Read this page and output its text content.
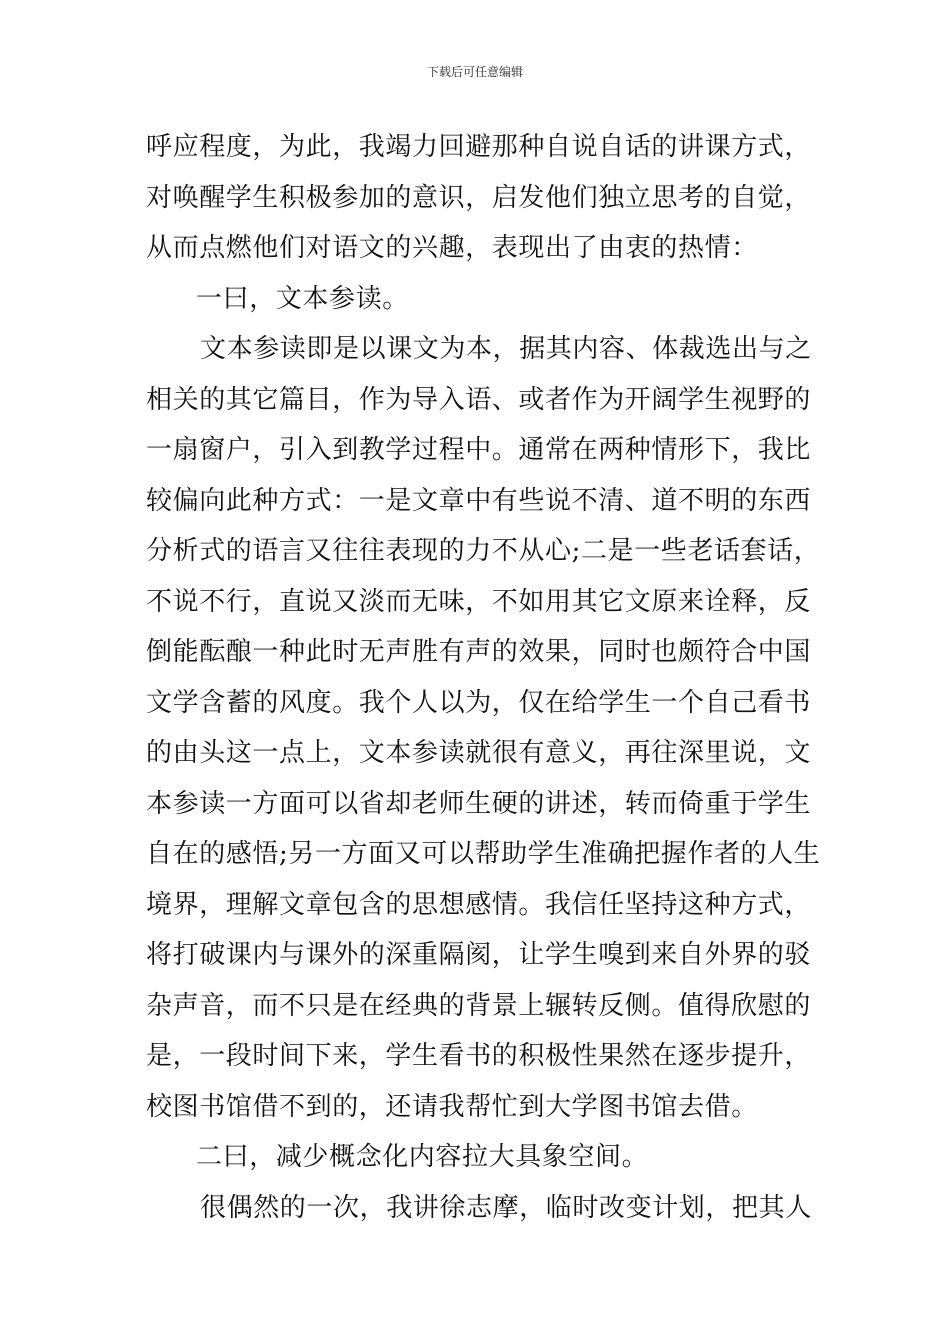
下载后可任意编辑
呼应程度，为此，我竭力回避那种自说自话的讲课方式，
对唤醒学生积极参加的意识，启发他们独立思考的自觉，
从而点燃他们对语文的兴趣，表现出了由衷的热情：
一曰，文本参读。
文本参读即是以课文为本，据其内容、体裁选出与之
相关的其它篇目，作为导入语、或者作为开阔学生视野的
一扇窗户，引入到教学过程中。通常在两种情形下，我比
较偏向此种方式：一是文章中有些说不清、道不明的东西
分析式的语言又往往表现的力不从心;二是一些老话套话，
不说不行，直说又淡而无味，不如用其它文原来诠释，反
倒能酝酿一种此时无声胜有声的效果，同时也颇符合中国
文学含蓄的风度。我个人以为，仅在给学生一个自己看书
的由头这一点上，文本参读就很有意义，再往深里说，文
本参读一方面可以省却老师生硬的讲述，转而倚重于学生
自在的感悟;另一方面又可以帮助学生准确把握作者的人生
境界，理解文章包含的思想感情。我信任坚持这种方式，
将打破课内与课外的深重隔阂，让学生嗅到来自外界的驳
杂声音，而不只是在经典的背景上辗转反侧。值得欣慰的
是，一段时间下来，学生看书的积极性果然在逐步提升，
校图书馆借不到的，还请我帮忙到大学图书馆去借。
二曰，减少概念化内容拉大具象空间。
很偶然的一次，我讲徐志摩，临时改变计划，把其人
